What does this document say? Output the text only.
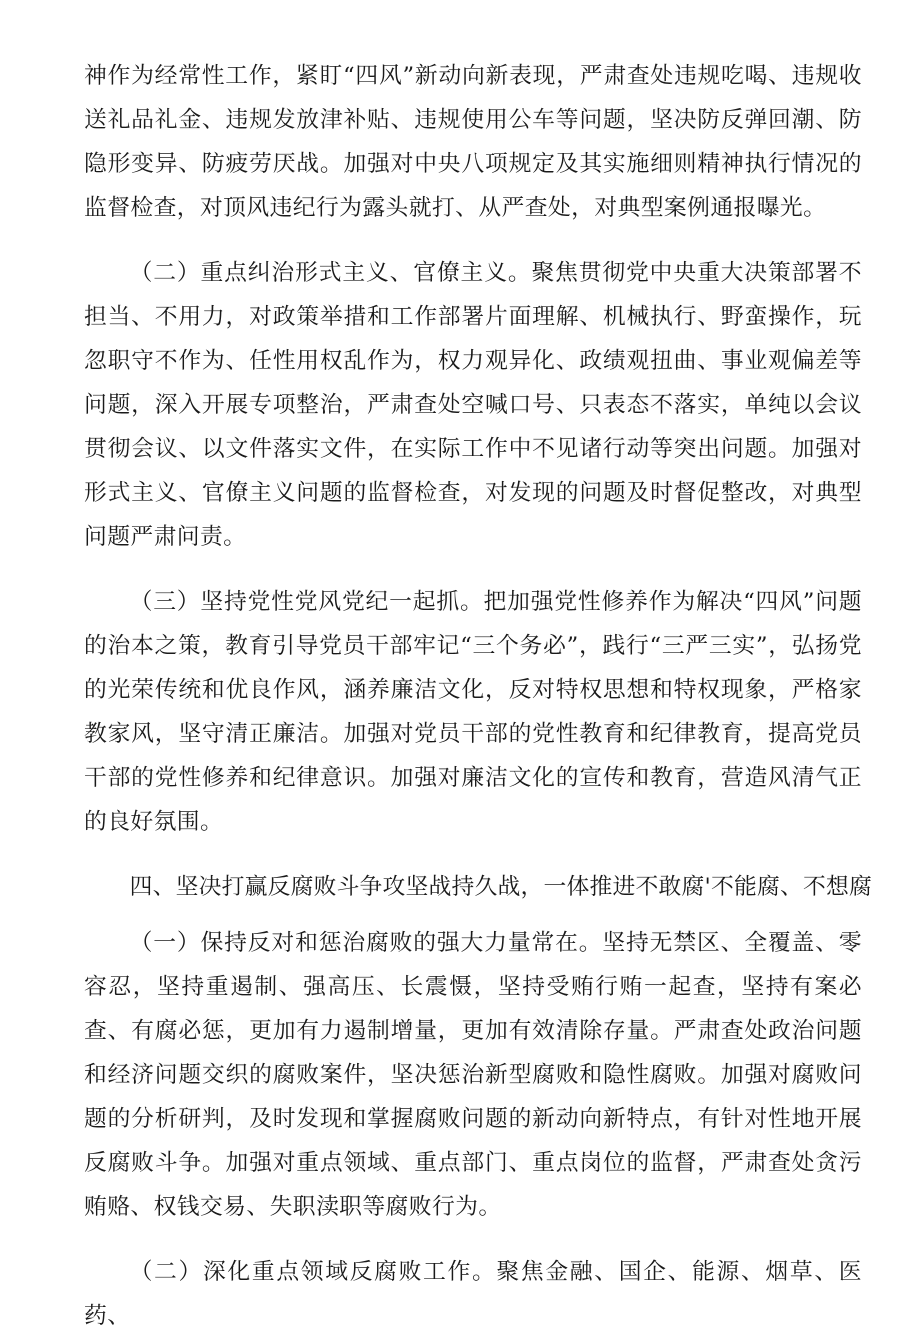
神作为经常性工作，紧盯“四风”新动向新表现，严肃查处违规吃喝、违规收送礼品礼金、违规发放津补贴、违规使用公车等问题，坚决防反弹回潮、防隐形变异、防疲劳厌战。加强对中央八项规定及其实施细则精神执行情况的监督检查，对顶风违纪行为露头就打、从严查处，对典型案例通报曝光。

（二）重点纠治形式主义、官僚主义。聚焦贯彻党中央重大决策部署不担当、不用力，对政策举措和工作部署片面理解、机械执行、野蛮操作，玩忽职守不作为、任性用权乱作为，权力观异化、政绩观扭曲、事业观偏差等问题，深入开展专项整治，严肃查处空喊口号、只表态不落实，单纯以会议贯彻会议、以文件落实文件，在实际工作中不见诸行动等突出问题。加强对形式主义、官僚主义问题的监督检查，对发现的问题及时督促整改，对典型问题严肃问责。

（三）坚持党性党风党纪一起抓。把加强党性修养作为解决“四风”问题的治本之策，教育引导党员干部牢记“三个务必”，践行“三严三实”，弘扬党的光荣传统和优良作风，涵养廉洁文化，反对特权思想和特权现象，严格家教家风，坚守清正廉洁。加强对党员干部的党性教育和纪律教育，提高党员干部的党性修养和纪律意识。加强对廉洁文化的宣传和教育，营造风清气正的良好氛围。

四、坚决打赢反腐败斗争攻坚战持久战，一体推进不敢腐'不能腐、不想腐

（一）保持反对和惩治腐败的强大力量常在。坚持无禁区、全覆盖、零容忍，坚持重遏制、强高压、长震慑，坚持受贿行贿一起查，坚持有案必查、有腐必惩，更加有力遏制增量，更加有效清除存量。严肃查处政治问题和经济问题交织的腐败案件，坚决惩治新型腐败和隐性腐败。加强对腐败问题的分析研判，及时发现和掌握腐败问题的新动向新特点，有针对性地开展反腐败斗争。加强对重点领域、重点部门、重点岗位的监督，严肃查处贪污贿赂、权钱交易、失职渎职等腐败行为。

（二）深化重点领域反腐败工作。聚焦金融、国企、能源、烟草、医药、
